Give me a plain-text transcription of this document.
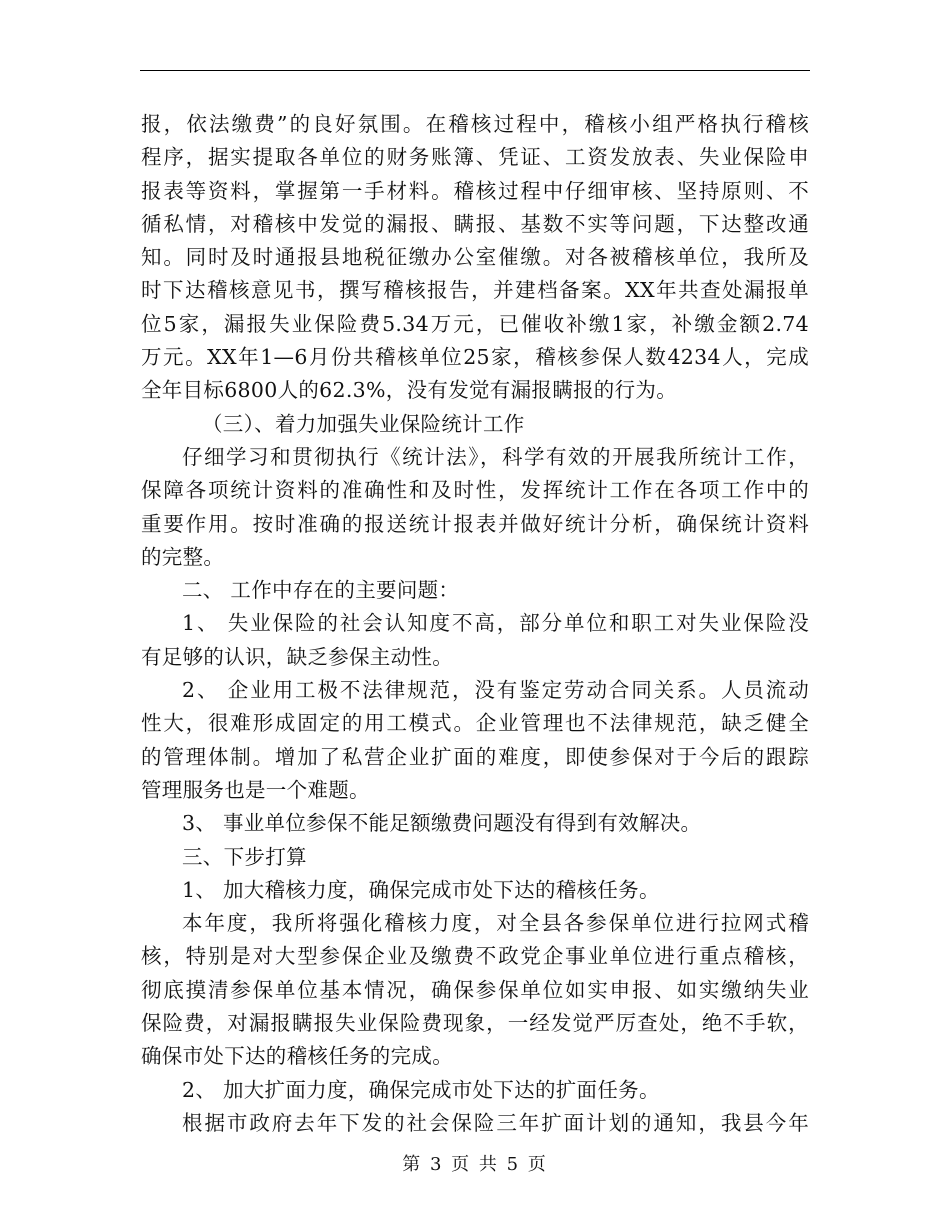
报，依法缴费”的良好氛围。在稽核过程中，稽核小组严格执行稽核
程序，据实提取各单位的财务账簿、凭证、工资发放表、失业保险申
报表等资料，掌握第一手材料。稽核过程中仔细审核、坚持原则、不
循私情，对稽核中发觉的漏报、瞒报、基数不实等问题，下达整改通
知。同时及时通报县地税征缴办公室催缴。对各被稽核单位，我所及
时下达稽核意见书，撰写稽核报告，并建档备案。XX年共查处漏报单
位5家，漏报失业保险费5.34万元，已催收补缴1家，补缴金额2.74
万元。XX年1—6月份共稽核单位25家，稽核参保人数4234人，完成
全年目标6800人的62.3%，没有发觉有漏报瞒报的行为。
（三）、着力加强失业保险统计工作
仔细学习和贯彻执行《统计法》，科学有效的开展我所统计工作，
保障各项统计资料的准确性和及时性，发挥统计工作在各项工作中的
重要作用。按时准确的报送统计报表并做好统计分析，确保统计资料
的完整。
二、 工作中存在的主要问题：
1、 失业保险的社会认知度不高，部分单位和职工对失业保险没
有足够的认识，缺乏参保主动性。
2、 企业用工极不法律规范，没有鉴定劳动合同关系。人员流动
性大，很难形成固定的用工模式。企业管理也不法律规范，缺乏健全
的管理体制。增加了私营企业扩面的难度，即使参保对于今后的跟踪
管理服务也是一个难题。
3、 事业单位参保不能足额缴费问题没有得到有效解决。
三、下步打算
1、 加大稽核力度，确保完成市处下达的稽核任务。
本年度，我所将强化稽核力度，对全县各参保单位进行拉网式稽
核，特别是对大型参保企业及缴费不政党企事业单位进行重点稽核，
彻底摸清参保单位基本情况，确保参保单位如实申报、如实缴纳失业
保险费，对漏报瞒报失业保险费现象，一经发觉严厉查处，绝不手软，
确保市处下达的稽核任务的完成。
2、 加大扩面力度，确保完成市处下达的扩面任务。
根据市政府去年下发的社会保险三年扩面计划的通知，我县今年
第 3 页 共 5 页
